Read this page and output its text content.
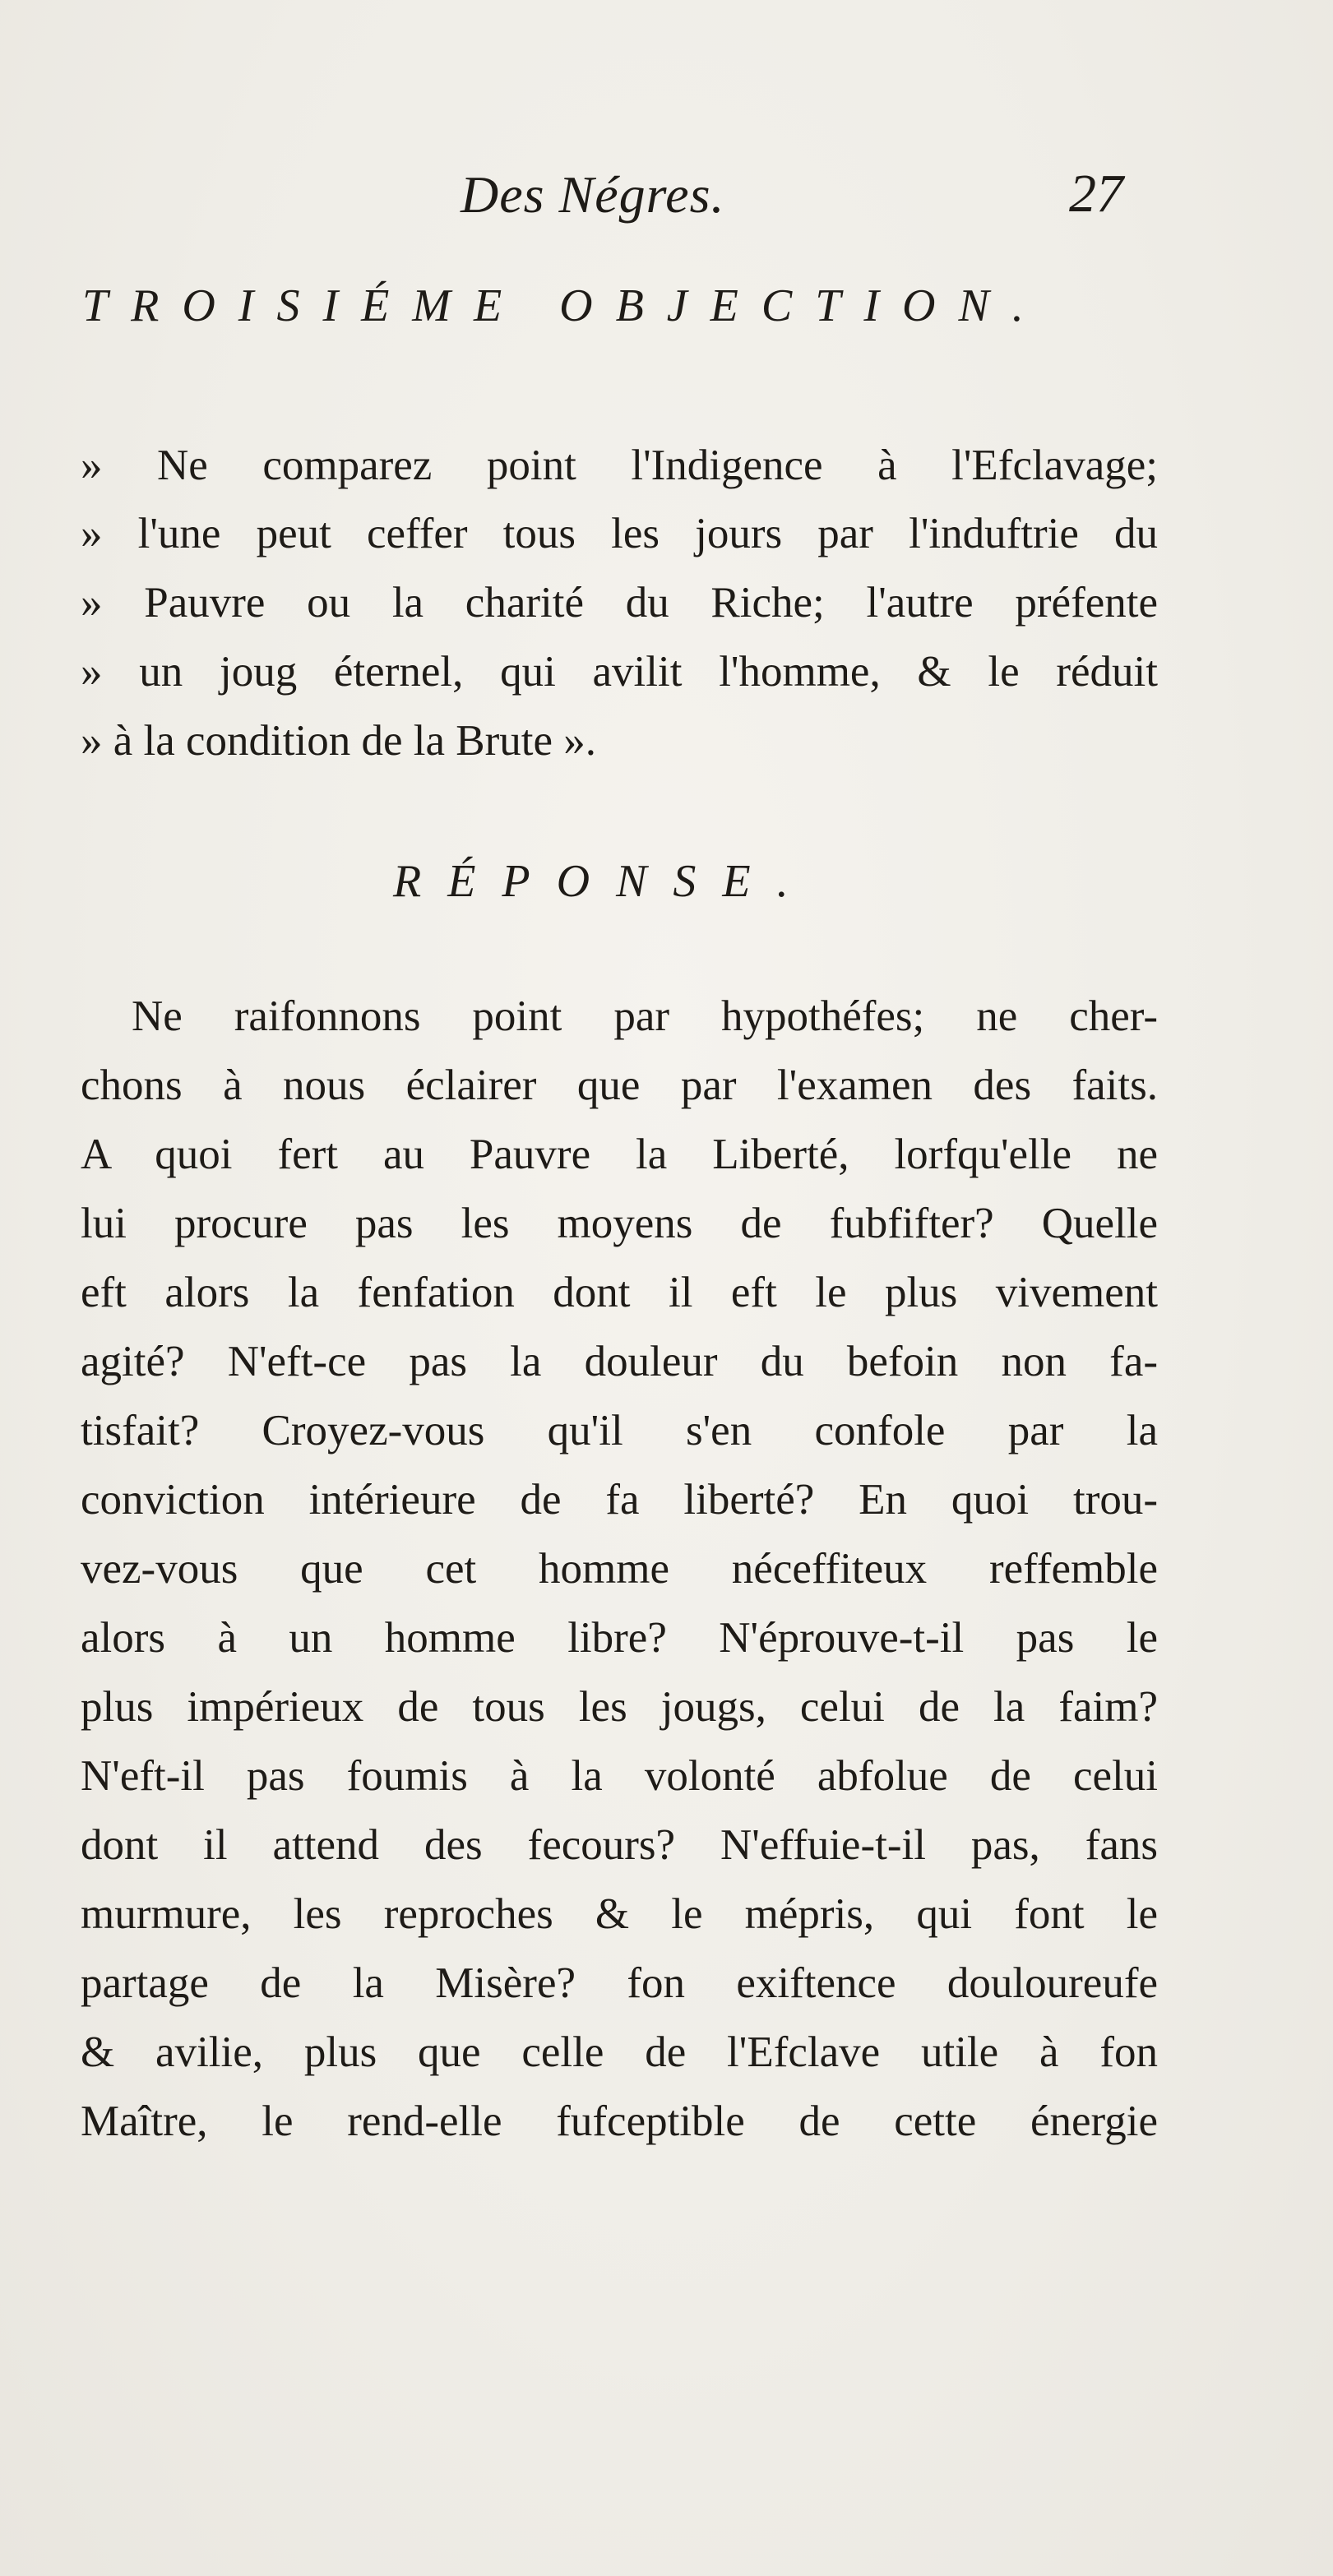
Des Négres.	27
TROISIÉME OBJECTION.
» Ne comparez point l'Indigence à l'Efclavage;
» l'une peut ceffer tous les jours par l'induftrie du
» Pauvre ou la charité du Riche; l'autre préfente
» un joug éternel, qui avilit l'homme, & le réduit
» à la condition de la Brute ».
RÉPONSE.
Ne raifonnons point par hypothéfes; ne cher-
chons à nous éclairer que par l'examen des faits.
A quoi fert au Pauvre la Liberté, lorfqu'elle ne
lui procure pas les moyens de fubfifter? Quelle
eft alors la fenfation dont il eft le plus vivement
agité? N'eft-ce pas la douleur du befoin non fa-
tisfait? Croyez-vous qu'il s'en confole par la
conviction intérieure de fa liberté? En quoi trou-
vez-vous que cet homme néceffiteux reffemble
alors à un homme libre? N'éprouve-t-il pas le
plus impérieux de tous les jougs, celui de la faim?
N'eft-il pas foumis à la volonté abfolue de celui
dont il attend des fecours? N'effuie-t-il pas, fans
murmure, les reproches & le mépris, qui font le
partage de la Misère? fon exiftence douloureufe
& avilie, plus que celle de l'Efclave utile à fon
Maître, le rend-elle fufceptible de cette énergie
